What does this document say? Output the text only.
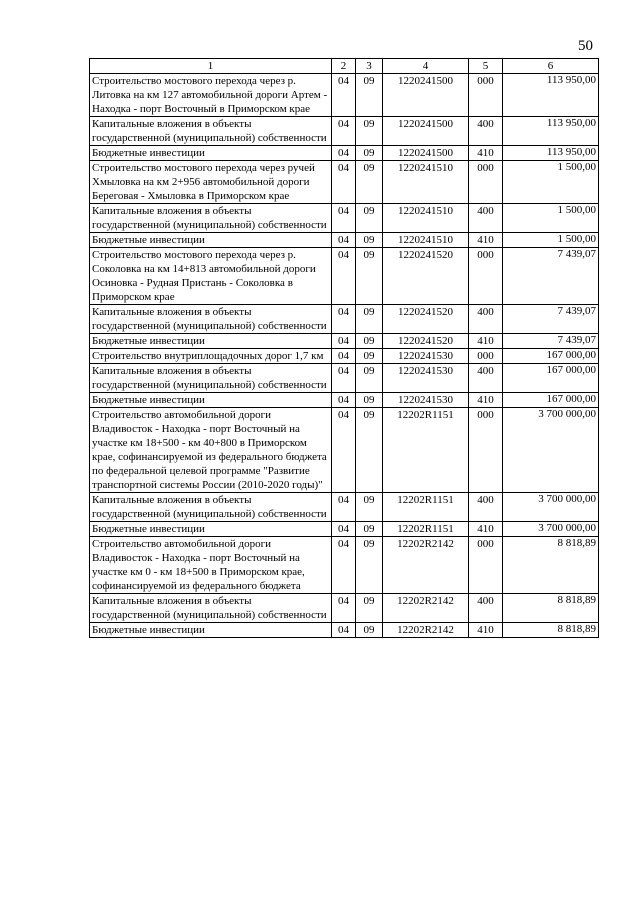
50
1	2	3	4	5	6
Строительство мостового перехода через р. Литовка на км 127 автомобильной дороги Артем - Находка - порт Восточный в Приморском крае	04	09	1220241500	000	113 950,00
Капитальные вложения в объекты государственной (муниципальной) собственности	04	09	1220241500	400	113 950,00
Бюджетные инвестиции	04	09	1220241500	410	113 950,00
Строительство мостового перехода через ручей Хмыловка на км 2+956 автомобильной дороги Береговая - Хмыловка в Приморском крае	04	09	1220241510	000	1 500,00
Капитальные вложения в объекты государственной (муниципальной) собственности	04	09	1220241510	400	1 500,00
Бюджетные инвестиции	04	09	1220241510	410	1 500,00
Строительство мостового перехода через р. Соколовка на км 14+813 автомобильной дороги Осиновка - Рудная Пристань - Соколовка в Приморском крае	04	09	1220241520	000	7 439,07
Капитальные вложения в объекты государственной (муниципальной) собственности	04	09	1220241520	400	7 439,07
Бюджетные инвестиции	04	09	1220241520	410	7 439,07
Строительство внутриплощадочных дорог 1,7 км	04	09	1220241530	000	167 000,00
Капитальные вложения в объекты государственной (муниципальной) собственности	04	09	1220241530	400	167 000,00
Бюджетные инвестиции	04	09	1220241530	410	167 000,00
Строительство автомобильной дороги Владивосток - Находка - порт Восточный на участке км 18+500 - км 40+800 в Приморском крае, софинансируемой из федерального бюджета по федеральной целевой программе "Развитие транспортной системы России (2010-2020 годы)"	04	09	12202R1151	000	3 700 000,00
Капитальные вложения в объекты государственной (муниципальной) собственности	04	09	12202R1151	400	3 700 000,00
Бюджетные инвестиции	04	09	12202R1151	410	3 700 000,00
Строительство автомобильной дороги Владивосток - Находка - порт Восточный на участке км 0 - км 18+500 в Приморском крае, софинансируемой из федерального бюджета	04	09	12202R2142	000	8 818,89
Капитальные вложения в объекты государственной (муниципальной) собственности	04	09	12202R2142	400	8 818,89
Бюджетные инвестиции	04	09	12202R2142	410	8 818,89
